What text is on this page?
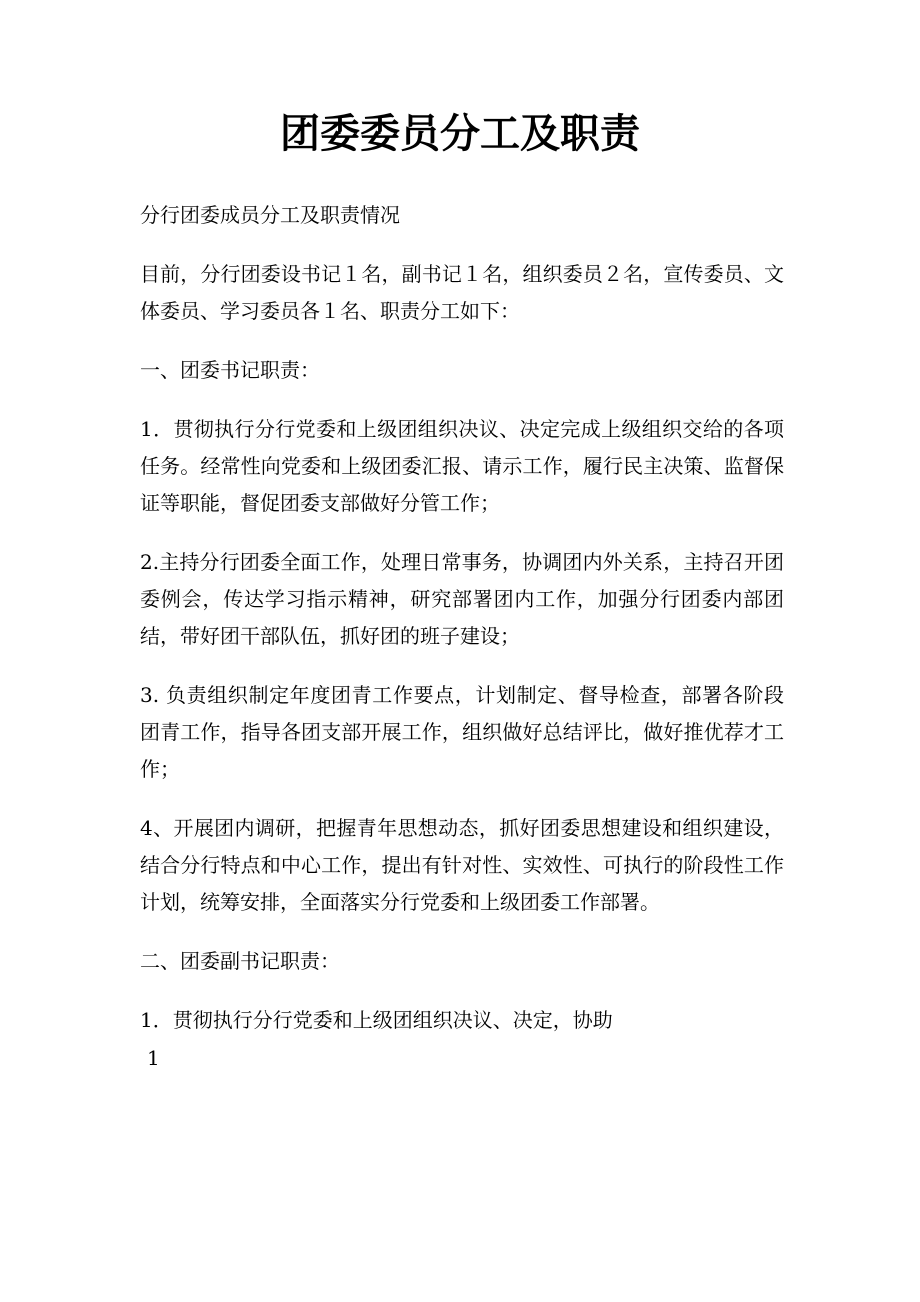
团委委员分工及职责

分行团委成员分工及职责情况

目前，分行团委设书记１名，副书记１名，组织委员２名，宣传委员、文体委员、学习委员各１名、职责分工如下：

一、团委书记职责：

1．贯彻执行分行党委和上级团组织决议、决定完成上级组织交给的各项任务。经常性向党委和上级团委汇报、请示工作，履行民主决策、监督保证等职能，督促团委支部做好分管工作；

2.主持分行团委全面工作，处理日常事务，协调团内外关系，主持召开团委例会，传达学习指示精神，研究部署团内工作，加强分行团委内部团结，带好团干部队伍，抓好团的班子建设；

3. 负责组织制定年度团青工作要点，计划制定、督导检查，部署各阶段团青工作，指导各团支部开展工作，组织做好总结评比，做好推优荐才工作；

4、开展团内调研，把握青年思想动态，抓好团委思想建设和组织建设，结合分行特点和中心工作，提出有针对性、实效性、可执行的阶段性工作计划，统筹安排，全面落实分行党委和上级团委工作部署。

二、团委副书记职责：

1．贯彻执行分行党委和上级团组织决议、决定，协助

1
